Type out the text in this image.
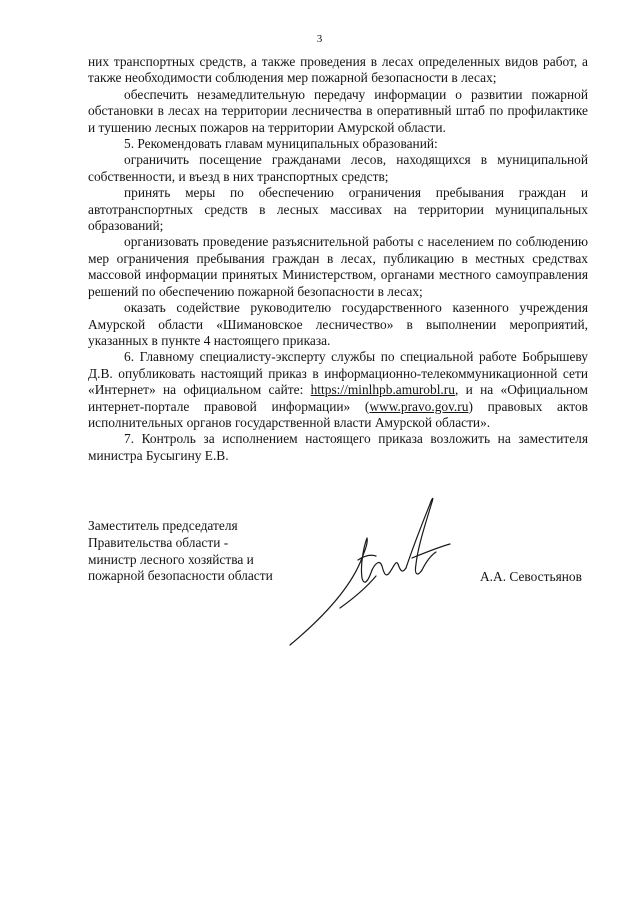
3

них транспортных средств, а также проведения в лесах определенных видов работ, а также необходимости соблюдения мер пожарной безопасности в лесах;

обеспечить незамедлительную передачу информации о развитии пожарной обстановки в лесах на территории лесничества в оперативный штаб по профилактике и тушению лесных пожаров на территории Амурской области.

5. Рекомендовать главам муниципальных образований:

ограничить посещение гражданами лесов, находящихся в муниципальной собственности, и въезд в них транспортных средств;

принять меры по обеспечению ограничения пребывания граждан и автотранспортных средств в лесных массивах на территории муниципальных образований;

организовать проведение разъяснительной работы с населением по соблюдению мер ограничения пребывания граждан в лесах, публикацию в местных средствах массовой информации принятых Министерством, органами местного самоуправления решений по обеспечению пожарной безопасности в лесах;

оказать содействие руководителю государственного казенного учреждения Амурской области «Шимановское лесничество» в выполнении мероприятий, указанных в пункте 4 настоящего приказа.

6. Главному специалисту-эксперту службы по специальной работе Бобрышеву Д.В. опубликовать настоящий приказ в информационно-телекоммуникационной сети «Интернет» на официальном сайте: https://minlhpb.amurobl.ru, и на «Официальном интернет-портале правовой информации» (www.pravo.gov.ru) правовых актов исполнительных органов государственной власти Амурской области».

7. Контроль за исполнением настоящего приказа возложить на заместителя министра Бусыгину Е.В.

Заместитель председателя
Правительства области -
министр лесного хозяйства и
пожарной безопасности области	А.А. Севостьянов
